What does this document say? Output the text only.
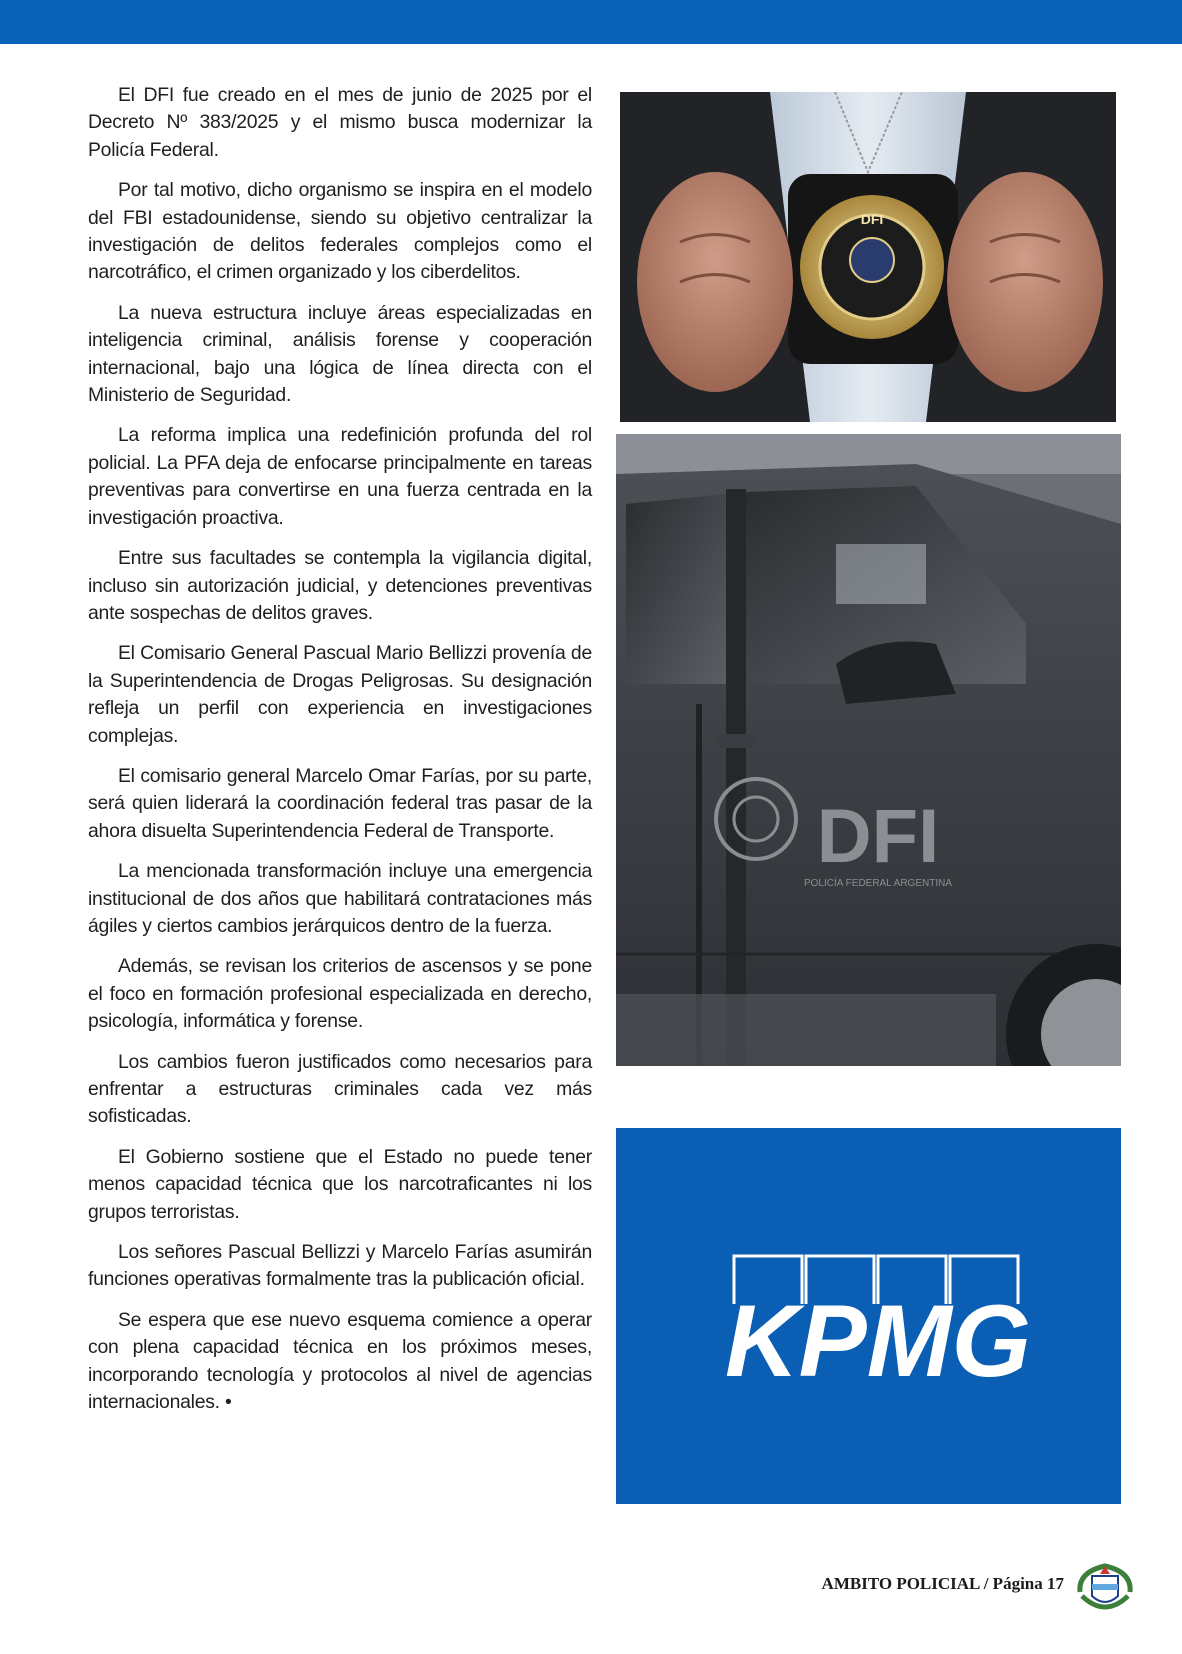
El DFI fue creado en el mes de junio de 2025 por el Decreto Nº 383/2025 y el mismo busca modernizar la Policía Federal.

Por tal motivo, dicho organismo se inspira en el modelo del FBI estadounidense, siendo su objetivo centralizar la investigación de delitos federales complejos como el narcotráfico, el crimen organizado y los ciberdelitos.

La nueva estructura incluye áreas especializadas en inteligencia criminal, análisis forense y cooperación internacional, bajo una lógica de línea directa con el Ministerio de Seguridad.

La reforma implica una redefinición profunda del rol policial. La PFA deja de enfocarse principalmente en tareas preventivas para convertirse en una fuerza centrada en la investigación proactiva.

Entre sus facultades se contempla la vigilancia digital, incluso sin autorización judicial, y detenciones preventivas ante sospechas de delitos graves.

El Comisario General Pascual Mario Bellizzi provenía de la Superintendencia de Drogas Peligrosas. Su designación refleja un perfil con experiencia en investigaciones complejas.

El comisario general Marcelo Omar Farías, por su parte, será quien liderará la coordinación federal tras pasar de la ahora disuelta Superintendencia Federal de Transporte.

La mencionada transformación incluye una emergencia institucional de dos años que habilitará contrataciones más ágiles y ciertos cambios jerárquicos dentro de la fuerza.

Además, se revisan los criterios de ascensos y se pone el foco en formación profesional especializada en derecho, psicología, informática y forense.

Los cambios fueron justificados como necesarios para enfrentar a estructuras criminales cada vez más sofisticadas.

El Gobierno sostiene que el Estado no puede tener menos capacidad técnica que los narcotraficantes ni los grupos terroristas.

Los señores Pascual Bellizzi y Marcelo Farías asumirán funciones operativas formalmente tras la publicación oficial.

Se espera que ese nuevo esquema comience a operar con plena capacidad técnica en los próximos meses, incorporando tecnología y protocolos al nivel de agencias internacionales. •

DFI
DFI
POLICÍA FEDERAL ARGENTINA
KPMG
AMBITO POLICIAL / Página 17
